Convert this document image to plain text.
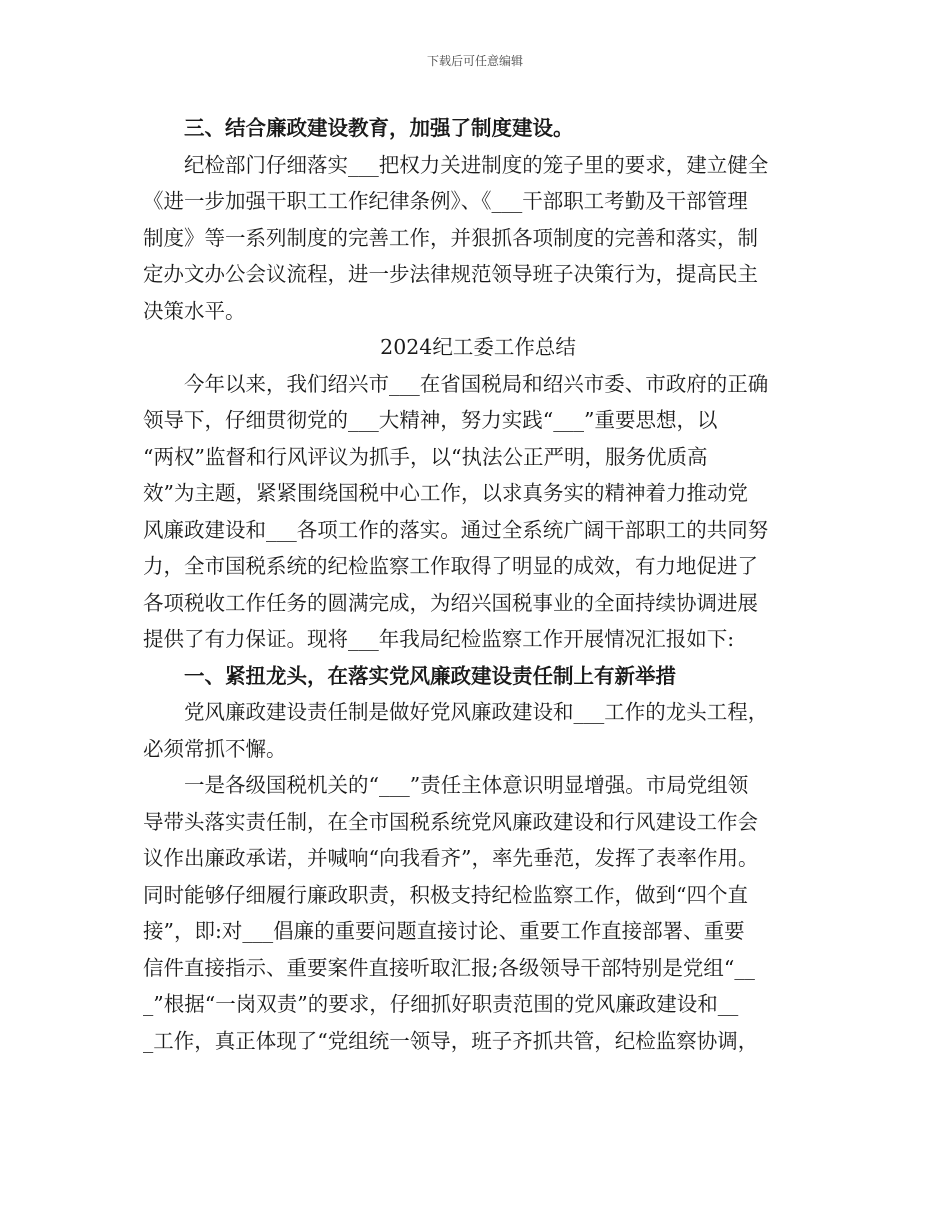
下载后可任意编辑
三、结合廉政建设教育，加强了制度建设。
纪检部门仔细落实___把权力关进制度的笼子里的要求，建立健全
《进一步加强干职工工作纪律条例》、《___干部职工考勤及干部管理
制度》等一系列制度的完善工作，并狠抓各项制度的完善和落实，制
定办文办公会议流程，进一步法律规范领导班子决策行为，提高民主
决策水平。
2024纪工委工作总结
今年以来，我们绍兴市___在省国税局和绍兴市委、市政府的正确
领导下，仔细贯彻党的___大精神，努力实践“___”重要思想，以
“两权”监督和行风评议为抓手，以“执法公正严明，服务优质高
效”为主题，紧紧围绕国税中心工作，以求真务实的精神着力推动党
风廉政建设和___各项工作的落实。通过全系统广阔干部职工的共同努
力，全市国税系统的纪检监察工作取得了明显的成效，有力地促进了
各项税收工作任务的圆满完成，为绍兴国税事业的全面持续协调进展
提供了有力保证。现将___年我局纪检监察工作开展情况汇报如下:
一、紧扭龙头，在落实党风廉政建设责任制上有新举措
党风廉政建设责任制是做好党风廉政建设和___工作的龙头工程，
必须常抓不懈。
一是各级国税机关的“___”责任主体意识明显增强。市局党组领
导带头落实责任制，在全市国税系统党风廉政建设和行风建设工作会
议作出廉政承诺，并喊响“向我看齐”，率先垂范，发挥了表率作用。
同时能够仔细履行廉政职责，积极支持纪检监察工作，做到“四个直
接”，即:对___倡廉的重要问题直接讨论、重要工作直接部署、重要
信件直接指示、重要案件直接听取汇报;各级领导干部特别是党组“__
_”根据“一岗双责”的要求，仔细抓好职责范围的党风廉政建设和__
_工作，真正体现了“党组统一领导，班子齐抓共管，纪检监察协调，
